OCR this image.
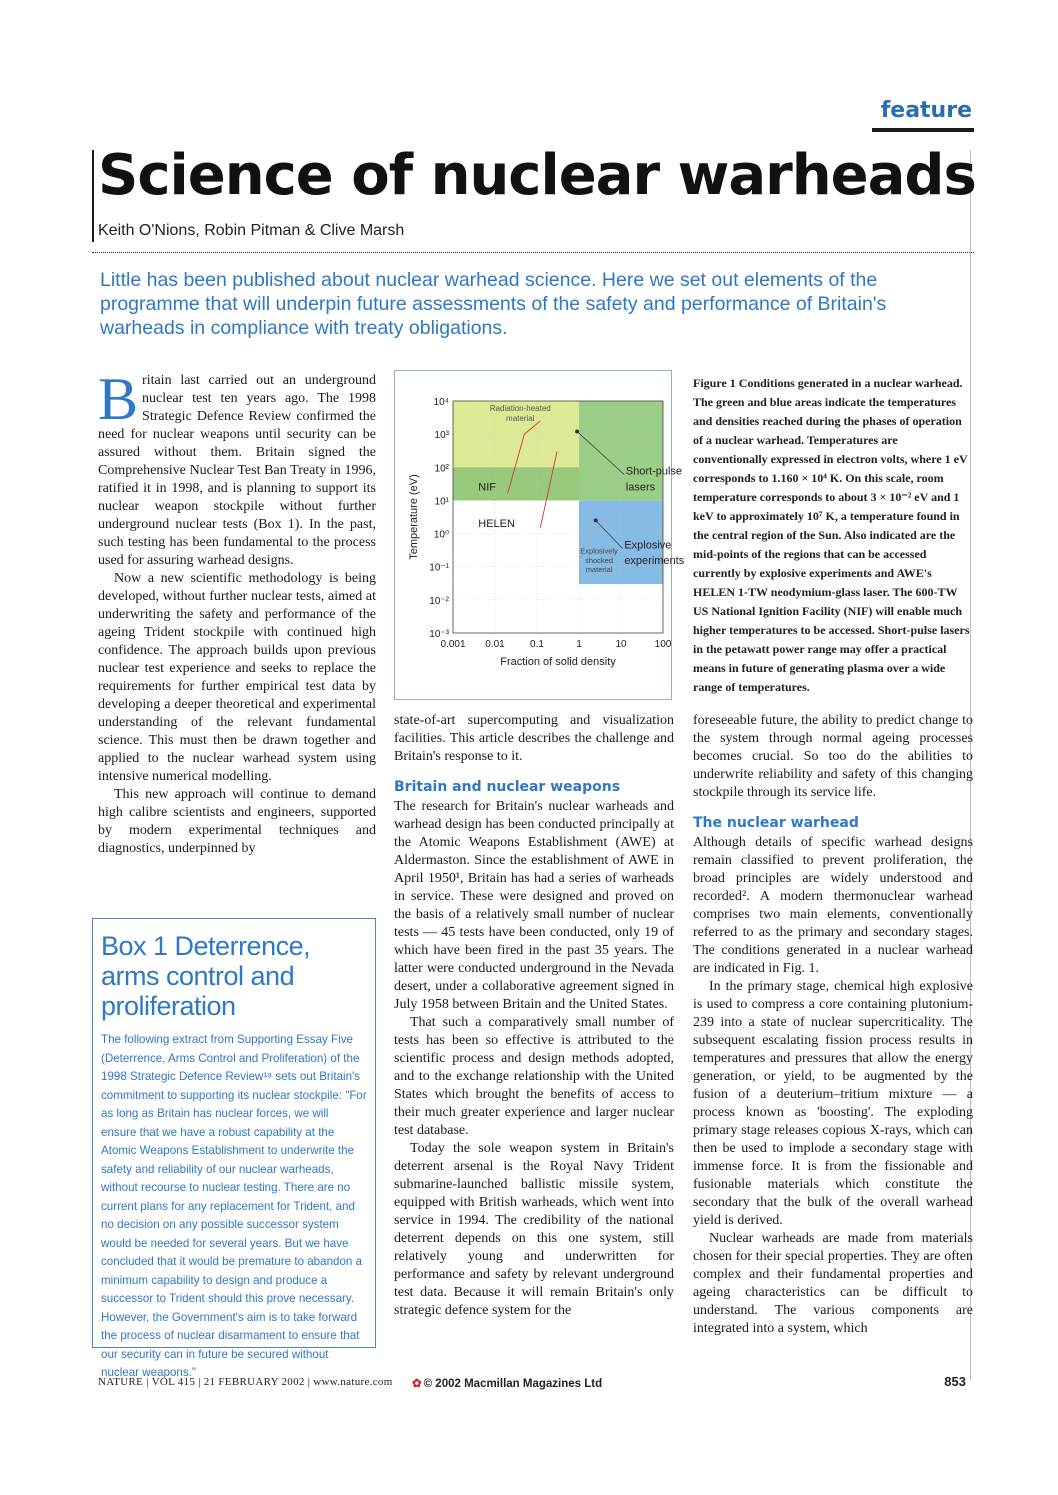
feature
Science of nuclear warheads
Keith O'Nions, Robin Pitman & Clive Marsh

Little has been published about nuclear warhead science. Here we set out elements of the programme that will underpin future assessments of the safety and performance of Britain's warheads in compliance with treaty obligations.

Britain last carried out an underground nuclear test ten years ago. The 1998 Strategic Defence Review confirmed the need for nuclear weapons until security can be assured without them. Britain signed the Comprehensive Nuclear Test Ban Treaty in 1996, ratified it in 1998, and is planning to support its nuclear weapon stockpile without further underground nuclear tests (Box 1). In the past, such testing has been fundamental to the process used for assuring warhead designs.

Now a new scientific methodology is being developed, without further nuclear tests, aimed at underwriting the safety and performance of the ageing Trident stockpile with continued high confidence. The approach builds upon previous nuclear test experience and seeks to replace the requirements for further empirical test data by developing a deeper theoretical and experimental understanding of the relevant fundamental science. This must then be drawn together and applied to the nuclear warhead system using intensive numerical modelling.

This new approach will continue to demand high calibre scientists and engineers, supported by modern experimental techniques and diagnostics, underpinned by

Box 1 Deterrence, arms control and proliferation

The following extract from Supporting Essay Five (Deterrence, Arms Control and Proliferation) of the 1998 Strategic Defence Review¹⁸ sets out Britain's commitment to supporting its nuclear stockpile: "For as long as Britain has nuclear forces, we will ensure that we have a robust capability at the Atomic Weapons Establishment to underwrite the safety and reliability of our nuclear warheads, without recourse to nuclear testing. There are no current plans for any replacement for Trident, and no decision on any possible successor system would be needed for several years. But we have concluded that it would be premature to abandon a minimum capability to design and produce a successor to Trident should this prove necessary. However, the Government's aim is to take forward the process of nuclear disarmament to ensure that our security can in future be secured without nuclear weapons."

10⁴
10³
10²
10¹
10⁰
10⁻¹
10⁻²
10⁻³
0.001 0.01	0.1	1	10	100
Temperature (eV)
Fraction of solid density
Radiation-heated
material
Short-pulse
lasers
NIF
HELEN
Explosively
shocked
material
Explosive
experiments

Figure 1 Conditions generated in a nuclear warhead. The green and blue areas indicate the temperatures and densities reached during the phases of operation of a nuclear warhead. Temperatures are conventionally expressed in electron volts, where 1 eV corresponds to 1.160 × 10⁴ K. On this scale, room temperature corresponds to about 3 × 10⁻² eV and 1 keV to approximately 10⁷ K, a temperature found in the central region of the Sun. Also indicated are the mid-points of the regions that can be accessed currently by explosive experiments and AWE's HELEN 1-TW neodymium-glass laser. The 600-TW US National Ignition Facility (NIF) will enable much higher temperatures to be accessed. Short-pulse lasers in the petawatt power range may offer a practical means in future of generating plasma over a wide range of temperatures.

state-of-art supercomputing and visualization facilities. This article describes the challenge and Britain's response to it.

Britain and nuclear weapons

The research for Britain's nuclear warheads and warhead design has been conducted principally at the Atomic Weapons Establishment (AWE) at Aldermaston. Since the establishment of AWE in April 1950¹, Britain has had a series of warheads in service. These were designed and proved on the basis of a relatively small number of nuclear tests — 45 tests have been conducted, only 19 of which have been fired in the past 35 years. The latter were conducted underground in the Nevada desert, under a collaborative agreement signed in July 1958 between Britain and the United States.

That such a comparatively small number of tests has been so effective is attributed to the scientific process and design methods adopted, and to the exchange relationship with the United States which brought the benefits of access to their much greater experience and larger nuclear test database.

Today the sole weapon system in Britain's deterrent arsenal is the Royal Navy Trident submarine-launched ballistic missile system, equipped with British warheads, which went into service in 1994. The credibility of the national deterrent depends on this one system, still relatively young and underwritten for performance and safety by relevant underground test data. Because it will remain Britain's only strategic defence system for the

foreseeable future, the ability to predict change to the system through normal ageing processes becomes crucial. So too do the abilities to underwrite reliability and safety of this changing stockpile through its service life.

The nuclear warhead

Although details of specific warhead designs remain classified to prevent proliferation, the broad principles are widely understood and recorded². A modern thermonuclear warhead comprises two main elements, conventionally referred to as the primary and secondary stages. The conditions generated in a nuclear warhead are indicated in Fig. 1.

In the primary stage, chemical high explosive is used to compress a core containing plutonium-239 into a state of nuclear supercriticality. The subsequent escalating fission process results in temperatures and pressures that allow the energy generation, or yield, to be augmented by the fusion of a deuterium–tritium mixture — a process known as 'boosting'. The exploding primary stage releases copious X-rays, which can then be used to implode a secondary stage with immense force. It is from the fissionable and fusionable materials which constitute the secondary that the bulk of the overall warhead yield is derived.

Nuclear warheads are made from materials chosen for their special properties. They are often complex and their fundamental properties and ageing characteristics can be difficult to understand. The various components are integrated into a system, which

NATURE | VOL 415 | 21 FEBRUARY 2002 | www.nature.com ✿ © 2002 Macmillan Magazines Ltd	853
